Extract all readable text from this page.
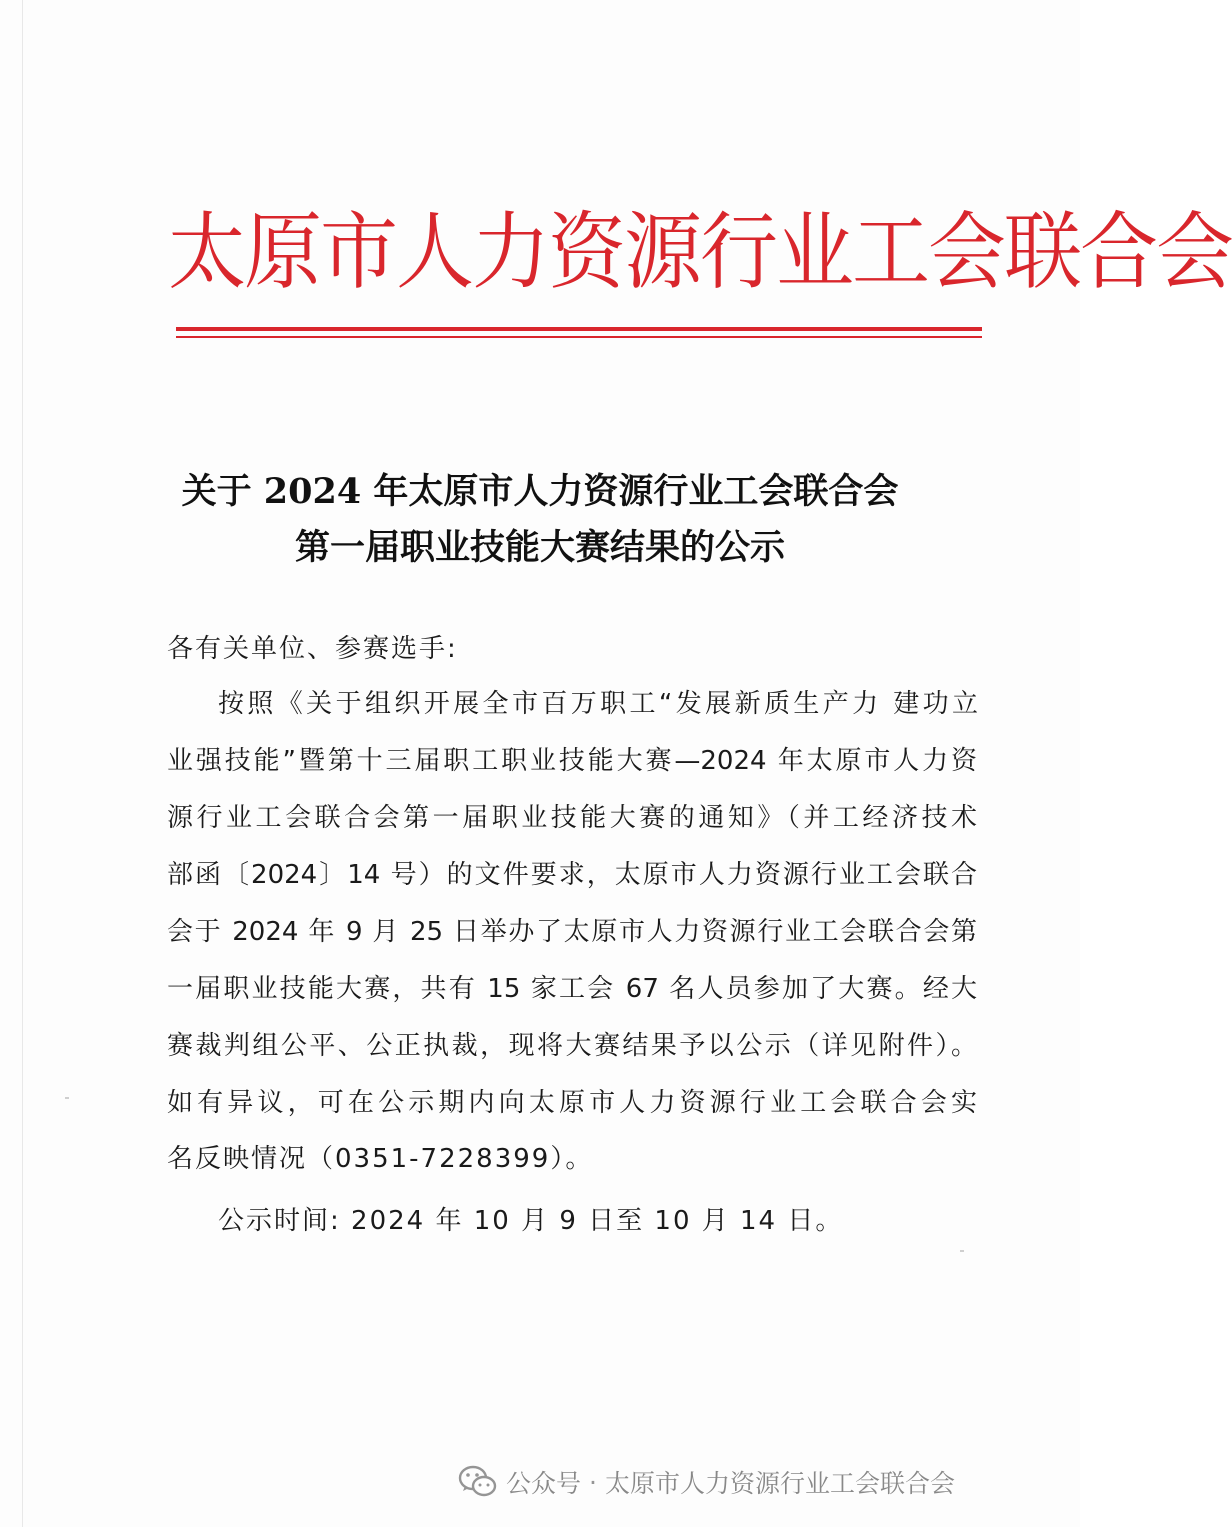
太原市人力资源行业工会联合会
关于 2024 年太原市人力资源行业工会联合会
第一届职业技能大赛结果的公示
各有关单位、参赛选手:
按照《关于组织开展全市百万职工“发展新质生产力 建功立
业强技能”暨第十三届职工职业技能大赛—2024 年太原市人力资
源行业工会联合会第一届职业技能大赛的通知》（并工经济技术
部函〔2024〕14 号）的文件要求，太原市人力资源行业工会联合
会于 2024 年 9 月 25 日举办了太原市人力资源行业工会联合会第
一届职业技能大赛，共有 15 家工会 67 名人员参加了大赛。经大
赛裁判组公平、公正执裁，现将大赛结果予以公示（详见附件）。
如有异议，可在公示期内向太原市人力资源行业工会联合会实
名反映情况（0351-7228399）。
公示时间: 2024 年 10 月 9 日至 10 月 14 日。
公众号 · 太原市人力资源行业工会联合会
